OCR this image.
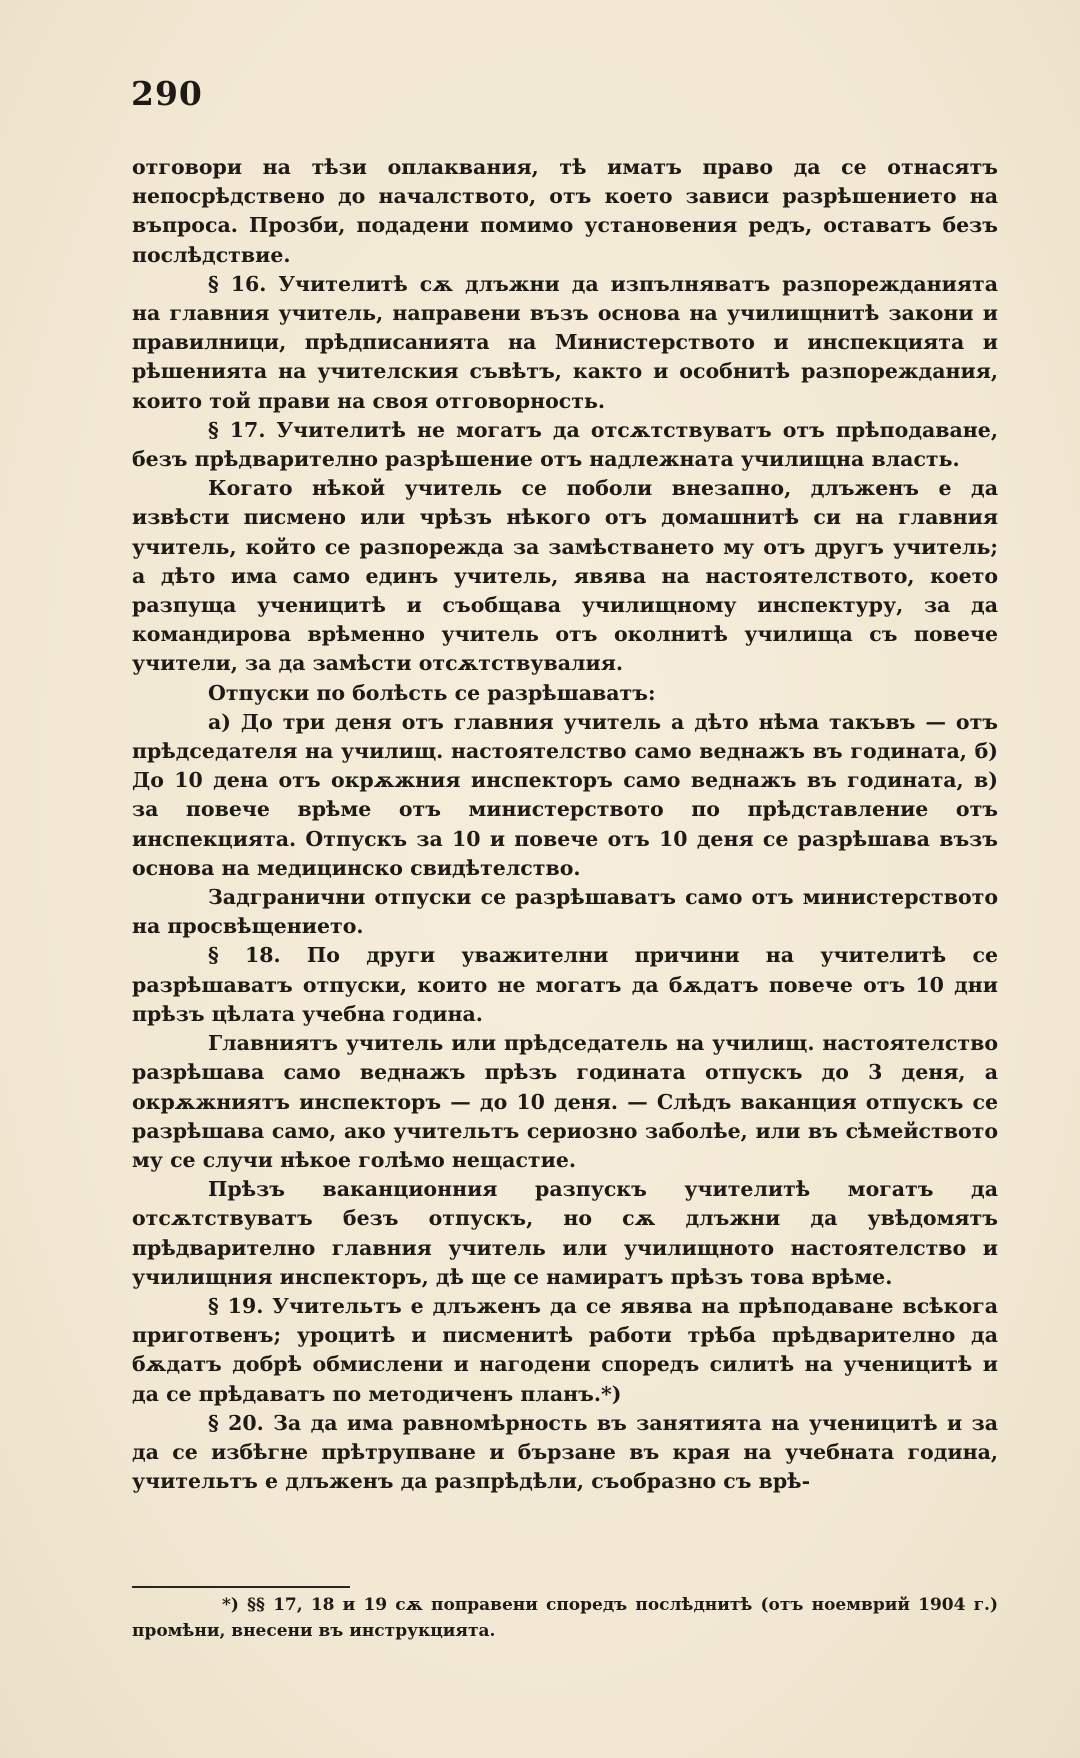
290

отговори на тѣзи оплаквания, тѣ иматъ право да се отнасятъ непосрѣдствено до началството, отъ което зависи разрѣшението на въпроса. Прозби, подадени помимо установения редъ, оставатъ безъ послѣдствие.

§ 16. Учителитѣ сѫ длъжни да изпълняватъ разпорежданията на главния учитель, направени възъ основа на училищнитѣ закони и правилници, прѣдписанията на Министерството и инспекцията и рѣшенията на учителския съвѣтъ, както и особнитѣ разпореждания, които той прави на своя отговорность.

§ 17. Учителитѣ не могатъ да отсѫтствуватъ отъ прѣподаване, безъ прѣдварително разрѣшение отъ надлежната училищна власть.

Когато нѣкой учитель се поболи внезапно, длъженъ е да извѣсти писмено или чрѣзъ нѣкого отъ домашнитѣ си на главния учитель, който се разпорежда за замѣстването му отъ другъ учитель; а дѣто има само единъ учитель, явява на настоятелството, което разпуща ученицитѣ и съобщава училищному инспектуру, за да командирова врѣменно учитель отъ околнитѣ училища съ повече учители, за да замѣсти отсѫтствувалия.

Отпуски по болѣсть се разрѣшаватъ:

а) До три деня отъ главния учитель а дѣто нѣма такъвъ — отъ прѣдседателя на училищ. настоятелство само веднажъ въ годината, б) До 10 дена отъ окрѫжния инспекторъ само веднажъ въ годината, в) за повече врѣме отъ министерството по прѣдставление отъ инспекцията. Отпускъ за 10 и повече отъ 10 деня се разрѣшава възъ основа на медицинско свидѣтелство.

Задгранични отпуски се разрѣшаватъ само отъ министерството на просвѣщението.

§ 18. По други уважителни причини на учителитѣ се разрѣшаватъ отпуски, които не могатъ да бѫдатъ повече отъ 10 дни прѣзъ цѣлата учебна година.

Главниятъ учитель или прѣдседатель на училищ. настоятелство разрѣшава само веднажъ прѣзъ годината отпускъ до 3 деня, а окрѫжниятъ инспекторъ — до 10 деня. — Слѣдъ ваканция отпускъ се разрѣшава само, ако учительтъ сериозно заболѣе, или въ сѣмейството му се случи нѣкое голѣмо нещастие.

Прѣзъ ваканционния разпускъ учителитѣ могатъ да отсѫтствуватъ безъ отпускъ, но сѫ длъжни да увѣдомятъ прѣдварително главния учитель или училищното настоятелство и училищния инспекторъ, дѣ ще се намиратъ прѣзъ това врѣме.

§ 19. Учительтъ е длъженъ да се явява на прѣподаване всѣкога приготвенъ; урoцитѣ и писменитѣ работи трѣба прѣдварително да бѫдатъ добрѣ обмислени и нагодени споредъ силитѣ на ученицитѣ и да се прѣдаватъ по методиченъ планъ.*)

§ 20. За да има равномѣрность въ занятията на ученицитѣ и за да се избѣгне прѣтрупване и бързане въ края на учебната година, учительтъ е длъженъ да разпрѣдѣли, съобразно съ врѣ-

*) §§ 17, 18 и 19 сѫ поправени споредъ послѣднитѣ (отъ ноемврий 1904 г.) промѣни, внесени въ инструкцията.
